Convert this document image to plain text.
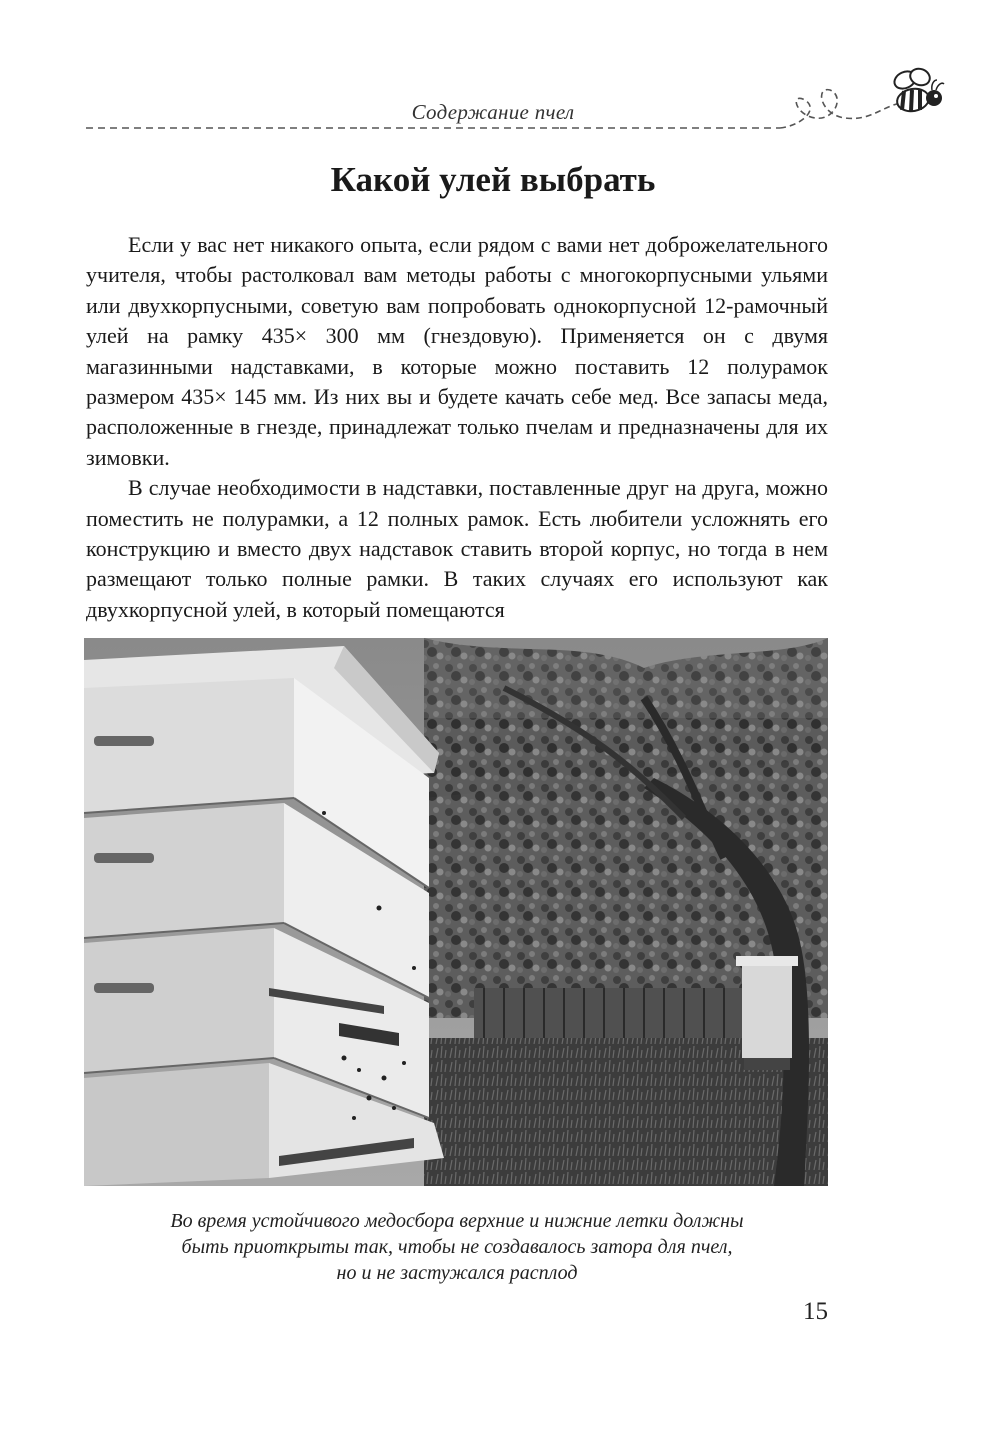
Содержание пчел
Какой улей выбрать

Если у вас нет никакого опыта, если рядом с вами нет доброжелательного учителя, чтобы растолковал вам методы работы с многокорпусными ульями или двухкорпусными, советую вам попробовать однокорпусной 12-рамочный улей на рамку 435× 300 мм (гнездовую). Применяется он с двумя магазинными надставками, в которые можно поставить 12 полурамок размером 435× 145 мм. Из них вы и будете качать себе мед. Все запасы меда, расположенные в гнезде, принадлежат только пчелам и предназначены для их зимовки.

В случае необходимости в надставки, поставленные друг на друга, можно поместить не полурамки, а 12 полных рамок. Есть любители усложнять его конструкцию и вместо двух надставок ставить второй корпус, но тогда в нем размещают только полные рамки. В таких случаях его используют как двухкорпусной улей, в который помещаются

Во время устойчивого медосбора верхние и нижние летки должны
быть приоткрыты так, чтобы не создавалось затора для пчел,
но и не застужался расплод
15
